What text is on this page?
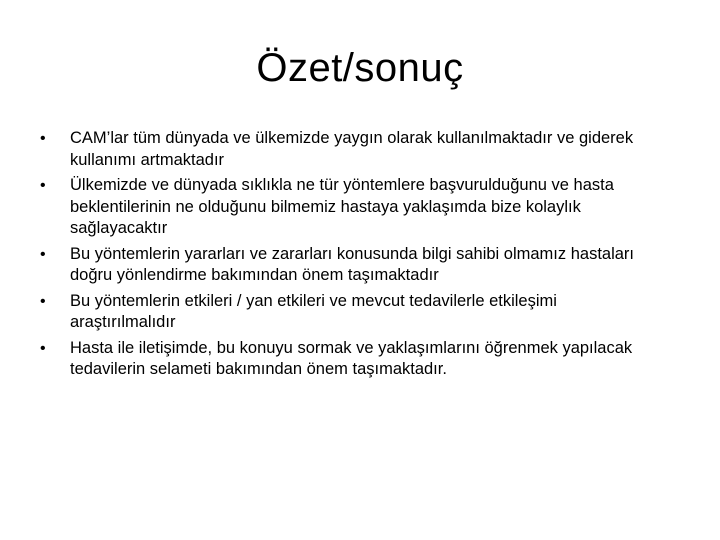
Özet/sonuç
• CAM’lar tüm dünyada ve ülkemizde yaygın olarak kullanılmaktadır ve giderek kullanımı artmaktadır
• Ülkemizde ve dünyada sıklıkla ne tür yöntemlere başvurulduğunu ve hasta beklentilerinin ne olduğunu bilmemiz hastaya yaklaşımda bize kolaylık sağlayacaktır
• Bu yöntemlerin yararları ve zararları konusunda bilgi sahibi olmamız hastaları doğru yönlendirme bakımından önem taşımaktadır
• Bu yöntemlerin etkileri / yan etkileri ve mevcut tedavilerle etkileşimi araştırılmalıdır
• Hasta ile iletişimde, bu konuyu sormak ve yaklaşımlarını öğrenmek yapılacak tedavilerin selameti bakımından önem taşımaktadır.
